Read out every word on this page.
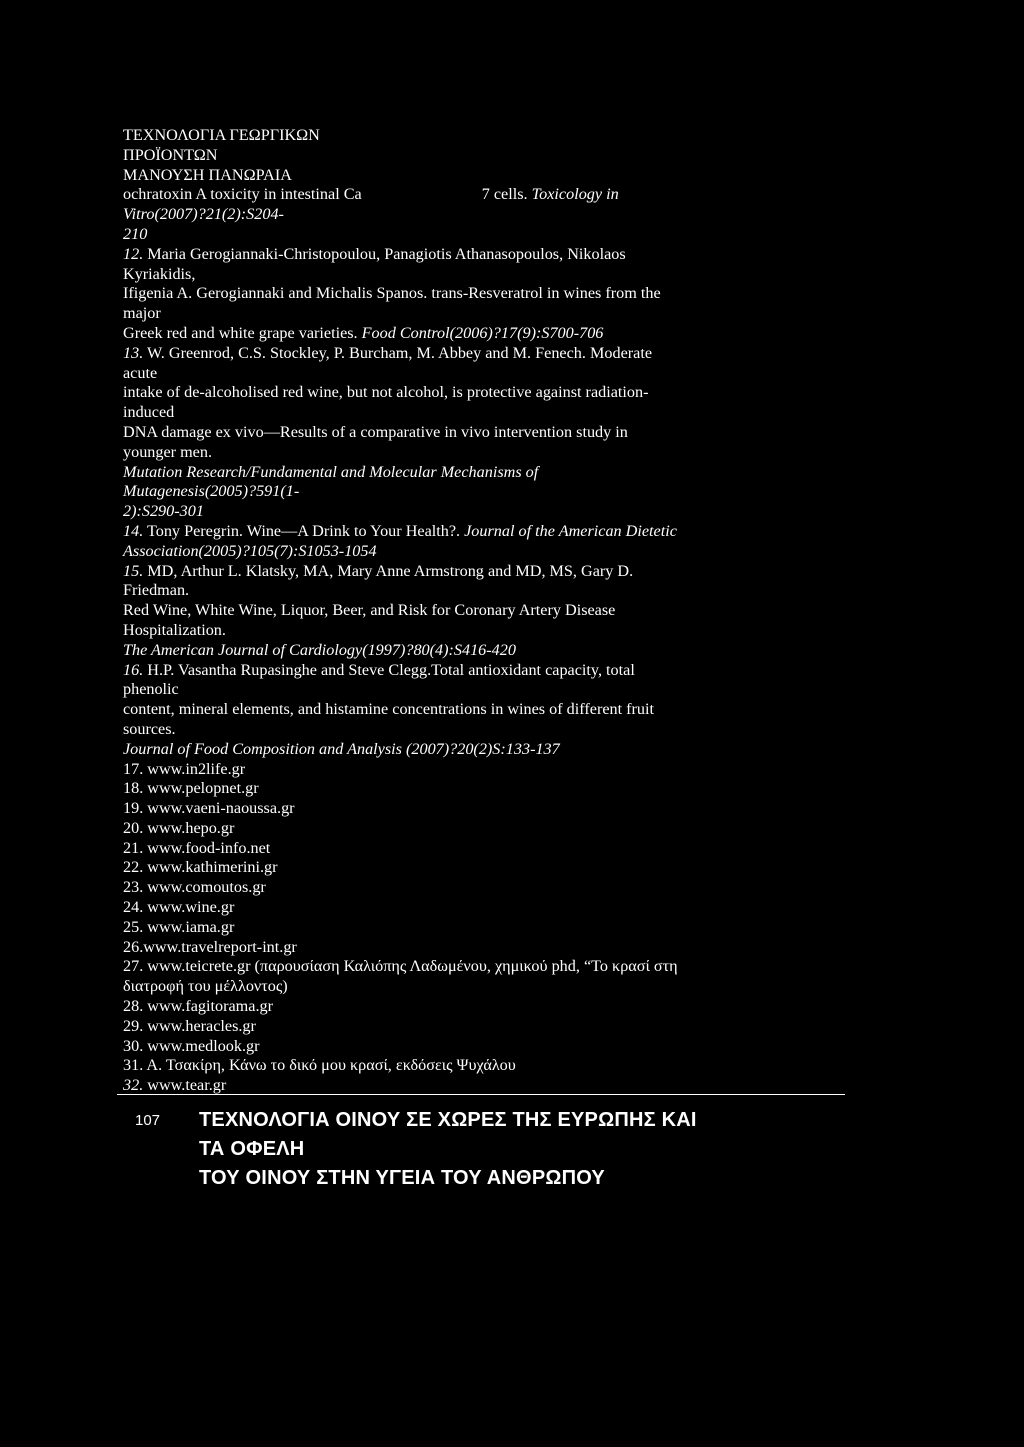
ΤΕΧΝΟΛΟΓΙΑ ΓΕΩΡΓΙΚΩΝ
ΠΡΟΪΟΝΤΩΝ
ΜΑΝΟΥΣΗ ΠΑΝΩΡΑΙΑ
ochratoxin A toxicity in intestinal Ca	7 cells. Toxicology in
Vitro(2007)?21(2):S204-
210
12. Maria Gerogiannaki-Christopoulou, Panagiotis Athanasopoulos, Nikolaos
Kyriakidis,
Ifigenia A. Gerogiannaki and Michalis Spanos. trans-Resveratrol in wines from the
major
Greek red and white grape varieties. Food Control(2006)?17(9):S700-706
13. W. Greenrod, C.S. Stockley, P. Burcham, M. Abbey and M. Fenech. Moderate
acute
intake of de-alcoholised red wine, but not alcohol, is protective against radiation-
induced
DNA damage ex vivo—Results of a comparative in vivo intervention study in
younger men.
Mutation Research/Fundamental and Molecular Mechanisms of
Mutagenesis(2005)?591(1-
2):S290-301
14. Tony Peregrin. Wine—A Drink to Your Health?. Journal of the American Dietetic
Association(2005)?105(7):S1053-1054
15. MD, Arthur L. Klatsky, MA, Mary Anne Armstrong and MD, MS, Gary D.
Friedman.
Red Wine, White Wine, Liquor, Beer, and Risk for Coronary Artery Disease
Hospitalization.
The American Journal of Cardiology(1997)?80(4):S416-420
16. H.P. Vasantha Rupasinghe and Steve Clegg.Total antioxidant capacity, total
phenolic
content, mineral elements, and histamine concentrations in wines of different fruit
sources.
Journal of Food Composition and Analysis (2007)?20(2)S:133-137
17. www.in2life.gr
18. www.pelopnet.gr
19. www.vaeni-naoussa.gr
20. www.hepo.gr
21. www.food-info.net
22. www.kathimerini.gr
23. www.comoutos.gr
24. www.wine.gr
25. www.iama.gr
26.www.travelreport-int.gr
27. www.teicrete.gr (παρουσίαση Καλιόπης Λαδωμένου, χημικού phd, “Το κρασί στη
διατροφή του μέλλοντος)
28. www.fagitorama.gr
29. www.heracles.gr
30. www.medlook.gr
31. Α. Τσακίρη, Κάνω το δικό μου κρασί, εκδόσεις Ψυχάλου
32. www.tear.gr
107 ΤΕΧΝΟΛΟΓΙΑ ΟΙΝΟΥ ΣΕ ΧΩΡΕΣ ΤΗΣ ΕΥΡΩΠΗΣ ΚΑΙ
ΤΑ ΟΦΕΛΗ
ΤΟΥ ΟΙΝΟΥ ΣΤΗΝ ΥΓΕΙΑ ΤΟΥ ΑΝΘΡΩΠΟΥ
